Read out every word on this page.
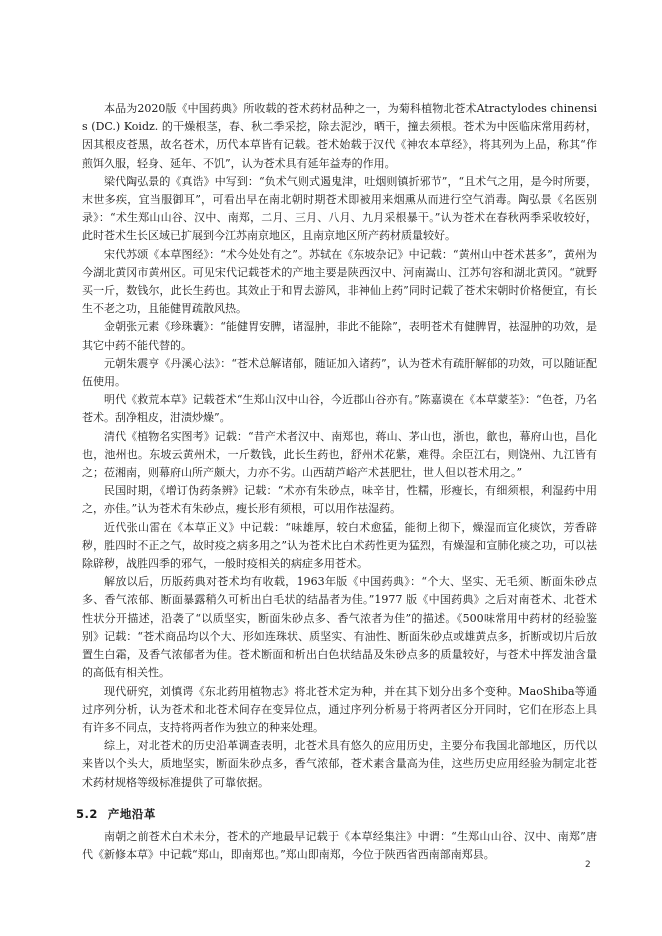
本品为2020版《中国药典》所收载的苍术药材品种之一，为菊科植物北苍术Atractylodes chinensis (DC.) Koidz. 的干燥根茎，春、秋二季采挖，除去泥沙，晒干，撞去须根。苍术为中医临床常用药材，因其根皮苍黑，故名苍术，历代本草皆有记载。苍术始载于汉代《神农本草经》，将其列为上品，称其“作煎饵久服，轻身、延年、不饥”，认为苍术具有延年益寿的作用。

梁代陶弘景的《真诰》中写到：“负术气则式遏鬼津，吐烟则镇折邪节”，“且术气之用，是今时所要，末世多疾，宜当服御耳”，可看出早在南北朝时期苍术即被用来烟熏从而进行空气消毒。陶弘景《名医别录》：“术生郑山山谷、汉中、南郑，二月、三月、八月、九月采根暴干。”认为苍术在春秋两季采收较好，此时苍术生长区域已扩展到今江苏南京地区，且南京地区所产药材质量较好。

宋代苏颂《本草图经》：“术今处处有之”。苏轼在《东坡杂记》中记载：“黄州山中苍术甚多”，黄州为今湖北黄冈市黄州区。可见宋代记载苍术的产地主要是陕西汉中、河南嵩山、江苏句容和湖北黄冈。“就野买一斤，数钱尔，此长生药也。其效止于和胃去游风，非神仙上药”同时记载了苍术宋朝时价格便宜，有长生不老之功，且能健胃疏散风热。

金朝张元素《珍珠囊》：“能健胃安脾，诸湿肿，非此不能除”，表明苍术有健脾胃，祛湿肿的功效，是其它中药不能代替的。

元朝朱震亨《丹溪心法》：“苍术总解诸郁，随证加入诸药”，认为苍术有疏肝解郁的功效，可以随证配伍使用。

明代《救荒本草》记载苍术“生郑山汉中山谷，今近郡山谷亦有。”陈嘉谟在《本草蒙荃》：“色苍，乃名苍术。刮净粗皮，泔渍炒燥”。

清代《植物名实图考》记载：“昔产术者汉中、南郑也，蒋山、茅山也，浙也，歙也，幕府山也，昌化也，池州也。东坡云黄州术，一斤数钱，此长生药也，舒州术花紫，难得。余臣江右，则饶州、九江皆有之；莅湘南，则幕府山所产颇大，力亦不劣。山西葫芦峪产术甚肥壮，世人但以苍术用之。”

民国时期，《增订伪药条辨》记载：“术亦有朱砂点，味辛甘，性糯，形瘦长，有细须根，利湿药中用之，亦佳。”认为苍术有朱砂点，瘦长形有须根，可以用作祛湿药。

近代张山雷在《本草正义》中记载：“味雄厚，较白术愈猛，能彻上彻下，燥湿而宣化痰饮，芳香辟秽，胜四时不正之气，故时疫之病多用之”认为苍术比白术药性更为猛烈，有燥湿和宣肺化痰之功，可以祛除辟秽，战胜四季的邪气，一般时疫相关的病症多用苍术。

解放以后，历版药典对苍术均有收载，1963年版《中国药典》：“个大、坚实、无毛须、断面朱砂点多、香气浓郁、断面暴露稍久可析出白毛状的结晶者为佳。”1977 版《中国药典》之后对南苍术、北苍术性状分开描述，沿袭了“以质坚实，断面朱砂点多、香气浓者为佳”的描述。《500味常用中药材的经验鉴别》记载：“苍术商品均以个大、形如连珠状、质坚实、有油性、断面朱砂点或雄黄点多，折断或切片后放置生白霜，及香气浓郁者为佳。苍术断面和析出白色状结晶及朱砂点多的质量较好，与苍术中挥发油含量的高低有相关性。

现代研究，刘慎谔《东北药用植物志》将北苍术定为种，并在其下划分出多个变种。MaoShiba等通过序列分析，认为苍术和北苍术间存在变异位点，通过序列分析易于将两者区分开同时，它们在形态上具有许多不同点，支持将两者作为独立的种来处理。

综上，对北苍术的历史沿革调查表明，北苍术具有悠久的应用历史，主要分布我国北部地区，历代以来皆以个头大，质地坚实，断面朱砂点多，香气浓郁，苍术素含量高为佳，这些历史应用经验为制定北苍术药材规格等级标准提供了可靠依据。

5.2 产地沿革

南朝之前苍术白术未分，苍术的产地最早记载于《本草经集注》中谓：“生郑山山谷、汉中、南郑”唐代《新修本草》中记载“郑山，即南郑也。”郑山即南郑，今位于陕西省西南部南郑县。

2
